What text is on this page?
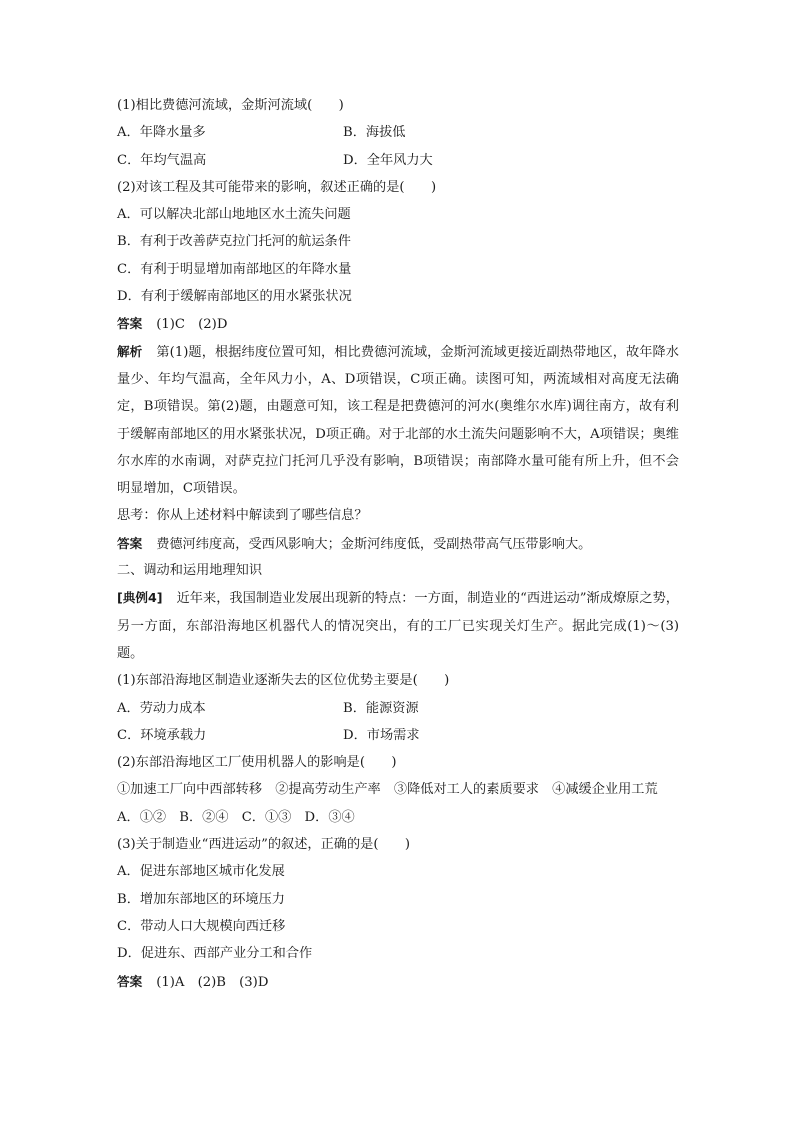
(1)相比费德河流域，金斯河流域(　　)
A．年降水量多	B．海拔低
C．年均气温高	D．全年风力大
(2)对该工程及其可能带来的影响，叙述正确的是(　　)
A．可以解决北部山地地区水土流失问题
B．有利于改善萨克拉门托河的航运条件
C．有利于明显增加南部地区的年降水量
D．有利于缓解南部地区的用水紧张状况
答案 (1)C　(2)D
解析 第(1)题，根据纬度位置可知，相比费德河流域，金斯河流域更接近副热带地区，故年降水量少、年均气温高，全年风力小，A、D项错误，C项正确。读图可知，两流域相对高度无法确定，B项错误。第(2)题，由题意可知，该工程是把费德河的河水(奥维尔水库)调往南方，故有利于缓解南部地区的用水紧张状况，D项正确。对于北部的水土流失问题影响不大，A项错误；奥维尔水库的水南调，对萨克拉门托河几乎没有影响，B项错误；南部降水量可能有所上升，但不会明显增加，C项错误。
思考：你从上述材料中解读到了哪些信息？
答案 费德河纬度高，受西风影响大；金斯河纬度低，受副热带高气压带影响大。
二、调动和运用地理知识
[典例4] 近年来，我国制造业发展出现新的特点：一方面，制造业的“西进运动”渐成燎原之势，另一方面，东部沿海地区机器代人的情况突出，有的工厂已实现关灯生产。据此完成(1)～(3)题。
(1)东部沿海地区制造业逐渐失去的区位优势主要是(　　)
A．劳动力成本	B．能源资源
C．环境承载力	D．市场需求
(2)东部沿海地区工厂使用机器人的影响是(　　)
①加速工厂向中西部转移　②提高劳动生产率　③降低对工人的素质要求　④减缓企业用工荒
A．①②　B．②④　C．①③　D．③④
(3)关于制造业“西进运动”的叙述，正确的是(　　)
A．促进东部地区城市化发展
B．增加东部地区的环境压力
C．带动人口大规模向西迁移
D．促进东、西部产业分工和合作
答案 (1)A　(2)B　(3)D
